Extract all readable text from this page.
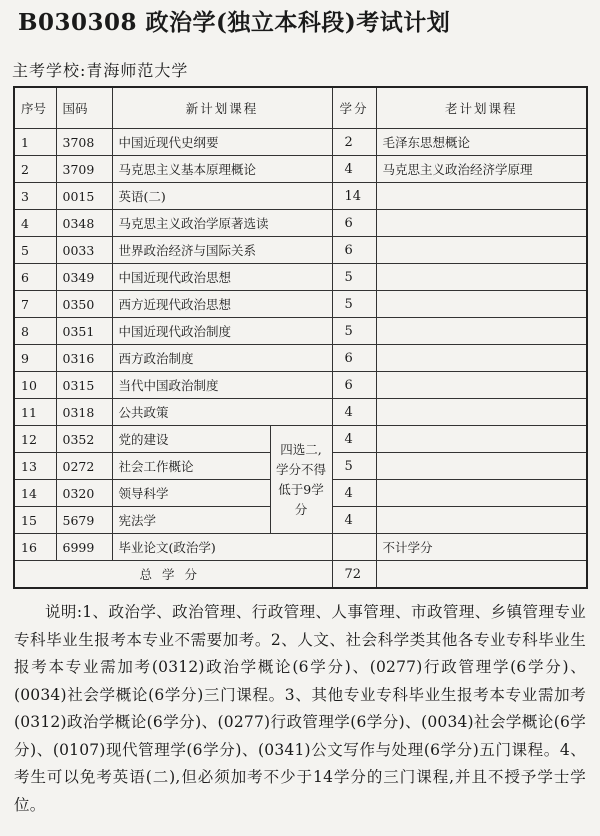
B030308 政治学(独立本科段)考试计划
主考学校:青海师范大学
序号	国码	新计划课程		学分	老计划课程
1	3708	中国近现代史纲要		2	毛泽东思想概论
2	3709	马克思主义基本原理概论		4	马克思主义政治经济学原理
3	0015	英语(二)		14	
4	0348	马克思主义政治学原著选读		6	
5	0033	世界政治经济与国际关系		6	
6	0349	中国近现代政治思想		5	
7	0350	西方近现代政治思想		5	
8	0351	中国近现代政治制度		5	
9	0316	西方政治制度		6	
10	0315	当代中国政治制度		6	
11	0318	公共政策		4	
12	0352	党的建设	四选二,学分不得低于9学分	4	
13	0272	社会工作概论		5	
14	0320	领导科学		4	
15	5679	宪法学		4	
16	6999	毕业论文(政治学)			不计学分
总学分				72	
说明:1、政治学、政治管理、行政管理、人事管理、市政管理、乡镇管理专业专科毕业生报考本专业不需要加考。2、人文、社会科学类其他各专业专科毕业生报考本专业需加考(0312)政治学概论(6学分)、(0277)行政管理学(6学分)、(0034)社会学概论(6学分)三门课程。3、其他专业专科毕业生报考本专业需加考(0312)政治学概论(6学分)、(0277)行政管理学(6学分)、(0034)社会学概论(6学分)、(0107)现代管理学(6学分)、(0341)公文写作与处理(6学分)五门课程。4、考生可以免考英语(二),但必须加考不少于14学分的三门课程,并且不授予学士学位。
